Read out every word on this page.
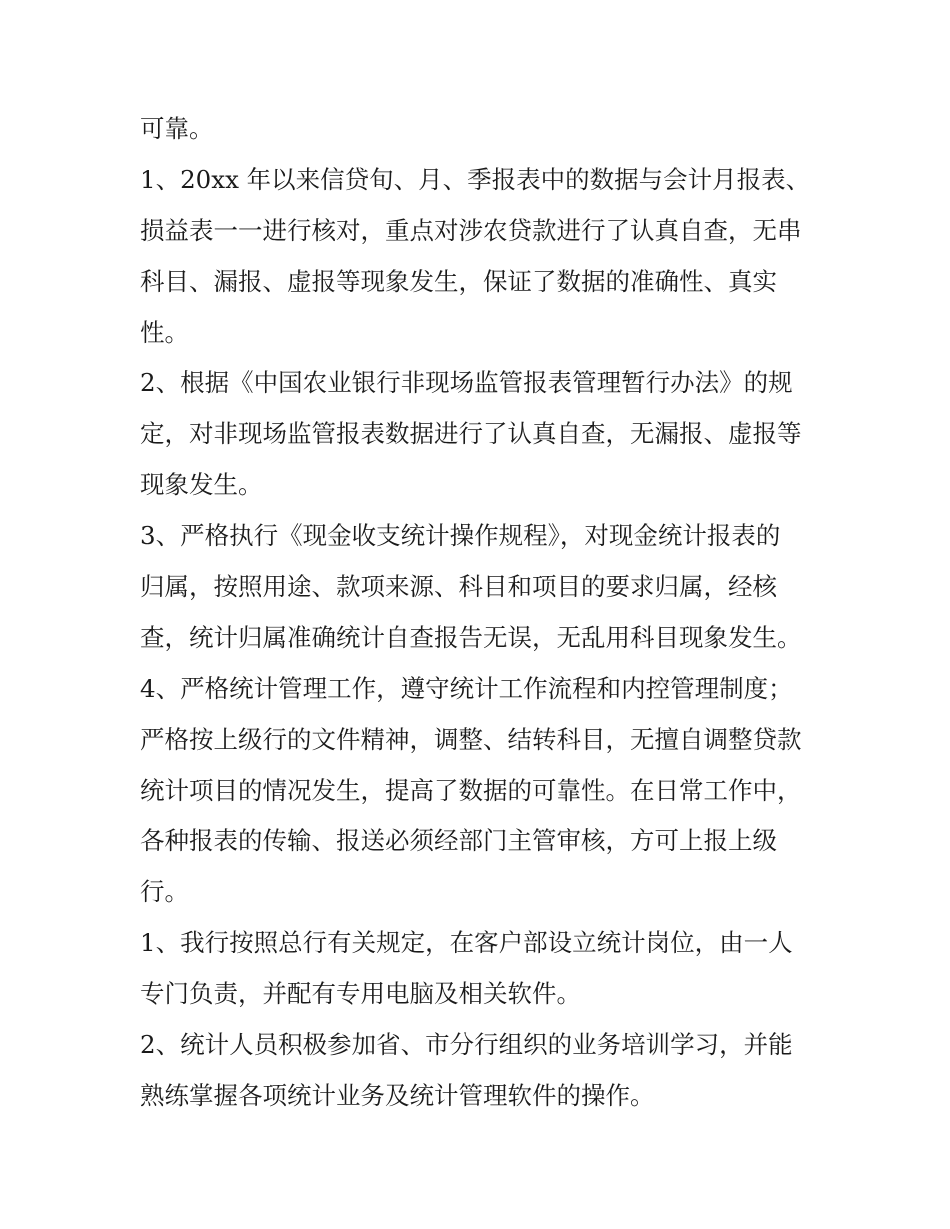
可靠。
1、20xx 年以来信贷旬、月、季报表中的数据与会计月报表、
损益表一一进行核对，重点对涉农贷款进行了认真自查，无串
科目、漏报、虚报等现象发生，保证了数据的准确性、真实
性。
2、根据《中国农业银行非现场监管报表管理暂行办法》的规
定，对非现场监管报表数据进行了认真自查，无漏报、虚报等
现象发生。
3、严格执行《现金收支统计操作规程》，对现金统计报表的
归属，按照用途、款项来源、科目和项目的要求归属，经核
查，统计归属准确统计自查报告无误，无乱用科目现象发生。
4、严格统计管理工作，遵守统计工作流程和内控管理制度；
严格按上级行的文件精神，调整、结转科目，无擅自调整贷款
统计项目的情况发生，提高了数据的可靠性。在日常工作中，
各种报表的传输、报送必须经部门主管审核，方可上报上级
行。
1、我行按照总行有关规定，在客户部设立统计岗位，由一人
专门负责，并配有专用电脑及相关软件。
2、统计人员积极参加省、市分行组织的业务培训学习，并能
熟练掌握各项统计业务及统计管理软件的操作。
